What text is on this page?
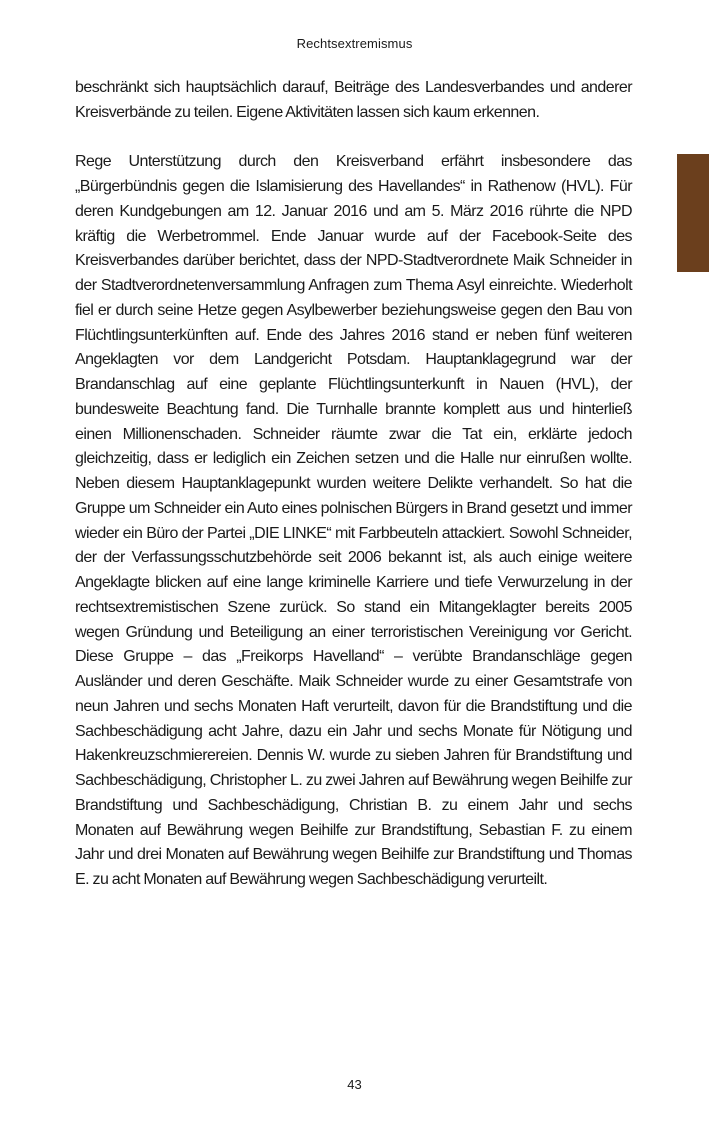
Rechtsextremismus

beschränkt sich hauptsächlich darauf, Beiträge des Landesverbandes und anderer Kreisverbände zu teilen. Eigene Aktivitäten lassen sich kaum erkennen.

Rege Unterstützung durch den Kreisverband erfährt insbesondere das „Bürgerbündnis gegen die Islamisierung des Havellandes“ in Rathenow (HVL). Für deren Kundgebungen am 12. Januar 2016 und am 5. März 2016 rührte die NPD kräftig die Werbetrommel. Ende Januar wurde auf der Facebook-Seite des Kreisverbandes darüber berichtet, dass der NPD-Stadtverordnete Maik Schneider in der Stadtverordnetenversammlung Anfragen zum Thema Asyl einreichte. Wiederholt fiel er durch seine Hetze gegen Asylbewerber beziehungsweise gegen den Bau von Flüchtlingsunterkünften auf. Ende des Jahres 2016 stand er neben fünf weiteren Angeklagten vor dem Landgericht Potsdam. Hauptanklagegrund war der Brandanschlag auf eine geplante Flüchtlingsunterkunft in Nauen (HVL), der bundesweite Beachtung fand. Die Turnhalle brannte komplett aus und hinterließ einen Millionenschaden. Schneider räumte zwar die Tat ein, erklärte jedoch gleichzeitig, dass er lediglich ein Zeichen setzen und die Halle nur einrußen wollte. Neben diesem Hauptanklagepunkt wurden weitere Delikte verhandelt. So hat die Gruppe um Schneider ein Auto eines polnischen Bürgers in Brand gesetzt und immer wieder ein Büro der Partei „DIE LINKE“ mit Farbbeuteln attackiert. Sowohl Schneider, der der Verfassungsschutzbehörde seit 2006 bekannt ist, als auch einige weitere Angeklagte blicken auf eine lange kriminelle Karriere und tiefe Verwurzelung in der rechtsextremistischen Szene zurück. So stand ein Mitangeklagter bereits 2005 wegen Gründung und Beteiligung an einer terroristischen Vereinigung vor Gericht. Diese Gruppe – das „Freikorps Havelland“ – verübte Brandanschläge gegen Ausländer und deren Geschäfte. Maik Schneider wurde zu einer Gesamtstrafe von neun Jahren und sechs Monaten Haft verurteilt, davon für die Brandstiftung und die Sachbeschädigung acht Jahre, dazu ein Jahr und sechs Monate für Nötigung und Hakenkreuzschmierereien. Dennis W. wurde zu sieben Jahren für Brandstiftung und Sachbeschädigung, Christopher L. zu zwei Jahren auf Bewährung wegen Beihilfe zur Brandstiftung und Sachbeschädigung, Christian B. zu einem Jahr und sechs Monaten auf Bewährung wegen Beihilfe zur Brandstiftung, Sebastian F. zu einem Jahr und drei Monaten auf Bewährung wegen Beihilfe zur Brandstiftung und Thomas E. zu acht Monaten auf Bewährung wegen Sachbeschädigung verurteilt.

43
